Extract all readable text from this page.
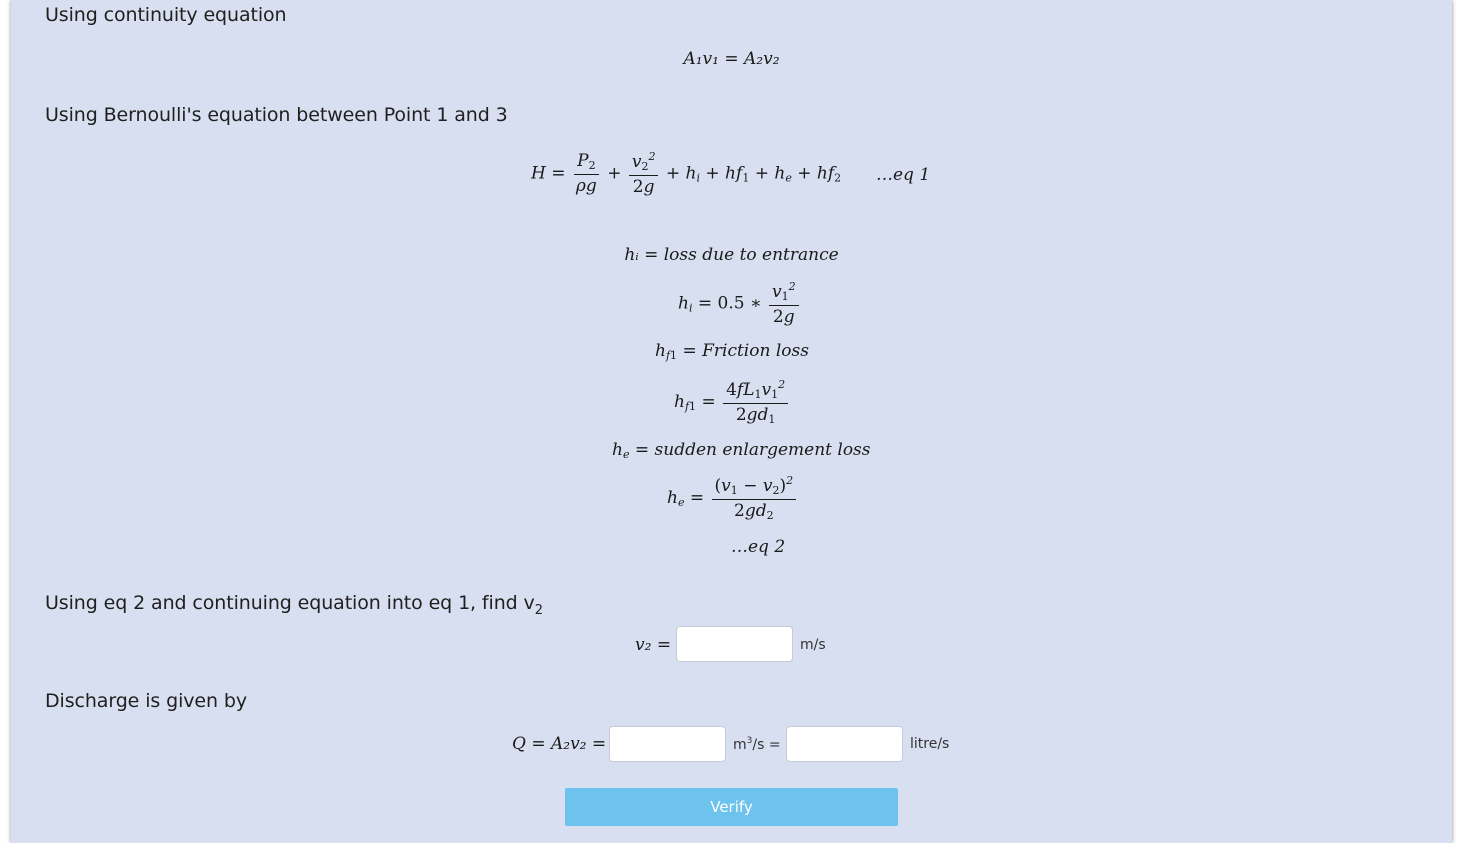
Using continuity equation
A₁v₁ = A₂v₂
Using Bernoulli's equation between Point 1 and 3
$H = \frac{P_2}{\rho g} + \frac{v_2^2}{2g} + h_i + hf_1 + h_e + hf_2$ …eq 1
hᵢ = loss due to entrance
$h_i = 0.5$ ∗ $\frac{v_1^2}{2g}$
$h_{f1}$ = Friction loss
$h_{f1} = \frac{4fL_1v_1^2}{2gd_1}$
$h_e$ = sudden enlargement loss
$h_e = \frac{(v_1 - v_2)^2}{2gd_2}$
…eq 2
Using eq 2 and continuing equation into eq 1, find $v_2$
v₂ =	m/s
Discharge is given by
Q = A₂v₂ =	$m^3/s$ =	litre/s
Verify
